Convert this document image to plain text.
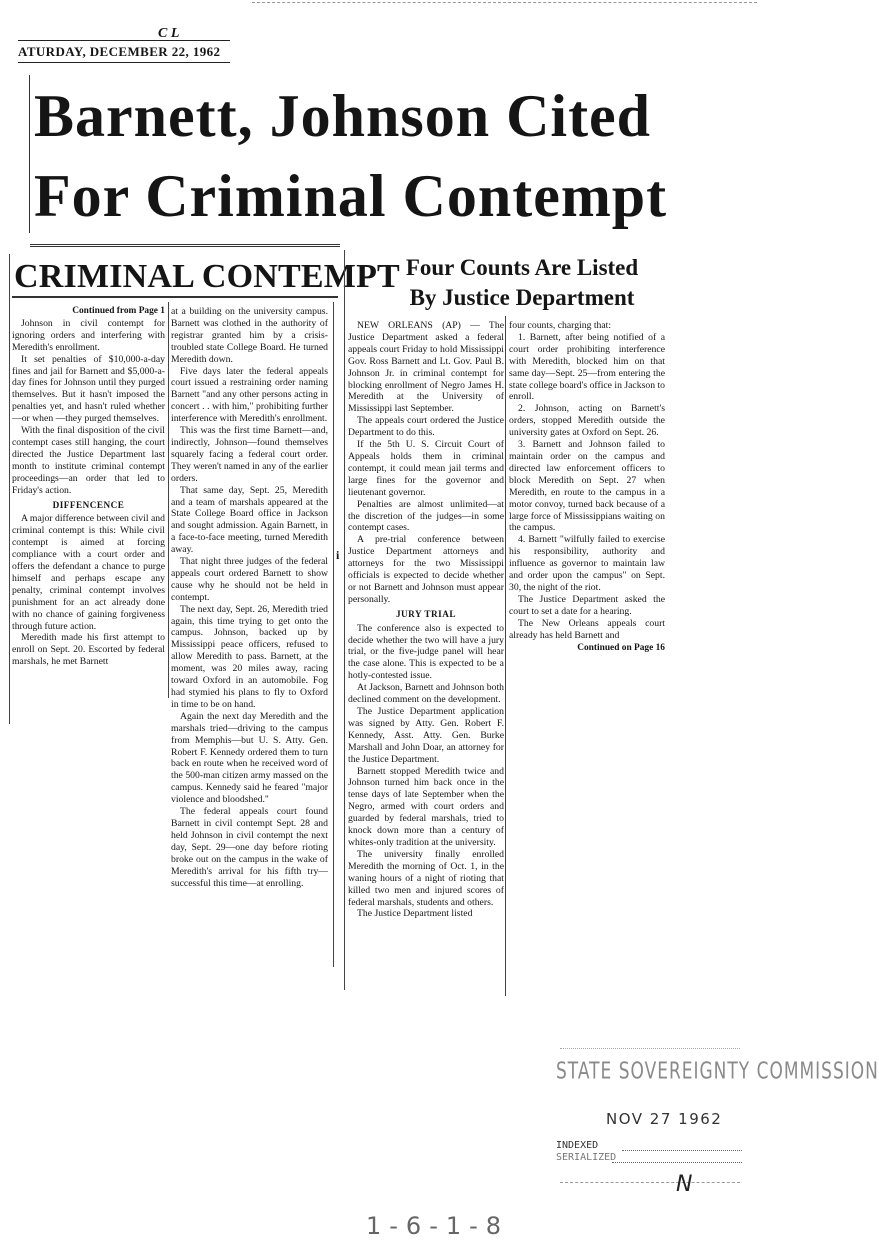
C L
ATURDAY, DECEMBER 22, 1962
Barnett, Johnson Cited
For Criminal Contempt
CRIMINAL CONTEMPT Four Counts Are Listed
By Justice Department
i

Continued from Page 1

Johnson in civil contempt for ignoring orders and interfering with Meredith's enrollment.

It set penalties of $10,000-a-day fines and jail for Barnett and $5,000-a-day fines for Johnson until they purged themselves. But it hasn't imposed the penalties yet, and hasn't ruled whether—or when —they purged themselves.

With the final disposition of the civil contempt cases still hanging, the court directed the Justice Department last month to institute criminal contempt proceedings—an order that led to Friday's action.

DIFFENCENCE

A major difference between civil and criminal contempt is this: While civil contempt is aimed at forcing compliance with a court order and offers the defendant a chance to purge himself and perhaps escape any penalty, criminal contempt involves punishment for an act already done with no chance of gaining forgiveness through future action.

Meredith made his first attempt to enroll on Sept. 20. Escorted by federal marshals, he met Barnett

at a building on the university campus. Barnett was clothed in the authority of registrar granted him by a crisis-troubled state College Board. He turned Meredith down.

Five days later the federal appeals court issued a restraining order naming Barnett "and any other persons acting in concert . . with him," prohibiting further interference with Meredith's enrollment.

This was the first time Barnett—and, indirectly, Johnson—found themselves squarely facing a federal court order. They weren't named in any of the earlier orders.

That same day, Sept. 25, Meredith and a team of marshals appeared at the State College Board office in Jackson and sought admission. Again Barnett, in a face-to-face meeting, turned Meredith away.

That night three judges of the federal appeals court ordered Barnett to show cause why he should not be held in contempt.

The next day, Sept. 26, Meredith tried again, this time trying to get onto the campus. Johnson, backed up by Mississippi peace officers, refused to allow Meredith to pass. Barnett, at the moment, was 20 miles away, racing toward Oxford in an automobile. Fog had stymied his plans to fly to Oxford in time to be on hand.

Again the next day Meredith and the marshals tried—driving to the campus from Memphis—but U. S. Atty. Gen. Robert F. Kennedy ordered them to turn back en route when he received word of the 500-man citizen army massed on the campus. Kennedy said he feared "major violence and bloodshed."

The federal appeals court found Barnett in civil contempt Sept. 28 and held Johnson in civil contempt the next day, Sept. 29—one day before rioting broke out on the campus in the wake of Meredith's arrival for his fifth try—successful this time—at enrolling.

NEW ORLEANS (AP) — The Justice Department asked a federal appeals court Friday to hold Mississippi Gov. Ross Barnett and Lt. Gov. Paul B. Johnson Jr. in criminal contempt for blocking enrollment of Negro James H. Meredith at the University of Mississippi last September.

The appeals court ordered the Justice Department to do this.

If the 5th U. S. Circuit Court of Appeals holds them in criminal contempt, it could mean jail terms and large fines for the governor and lieutenant governor.

Penalties are almost unlimited—at the discretion of the judges—in some contempt cases.

A pre-trial conference between Justice Department attorneys and attorneys for the two Mississippi officials is expected to decide whether or not Barnett and Johnson must appear personally.

JURY TRIAL

The conference also is expected to decide whether the two will have a jury trial, or the five-judge panel will hear the case alone. This is expected to be a hotly-contested issue.

At Jackson, Barnett and Johnson both declined comment on the development.

The Justice Department application was signed by Atty. Gen. Robert F. Kennedy, Asst. Atty. Gen. Burke Marshall and John Doar, an attorney for the Justice Department.

Barnett stopped Meredith twice and Johnson turned him back once in the tense days of late September when the Negro, armed with court orders and guarded by federal marshals, tried to knock down more than a century of whites-only tradition at the university.

The university finally enrolled Meredith the morning of Oct. 1, in the waning hours of a night of rioting that killed two men and injured scores of federal marshals, students and others.

The Justice Department listed

four counts, charging that:

1. Barnett, after being notified of a court order prohibiting interference with Meredith, blocked him on that same day—Sept. 25—from entering the state college board's office in Jackson to enroll.

2. Johnson, acting on Barnett's orders, stopped Meredith outside the university gates at Oxford on Sept. 26.

3. Barnett and Johnson failed to maintain order on the campus and directed law enforcement officers to block Meredith on Sept. 27 when Meredith, en route to the campus in a motor convoy, turned back because of a large force of Mississippians waiting on the campus.

4. Barnett "wilfully failed to exercise his responsibility, authority and influence as governor to maintain law and order upon the campus" on Sept. 30, the night of the riot.

The Justice Department asked the court to set a date for a hearing.

The New Orleans appeals court already has held Barnett and

Continued on Page 16

STATE SOVEREIGNTY COMMISSION
NOV 27 1962
INDEXED
SERIALIZED
N
1-6-1-8
